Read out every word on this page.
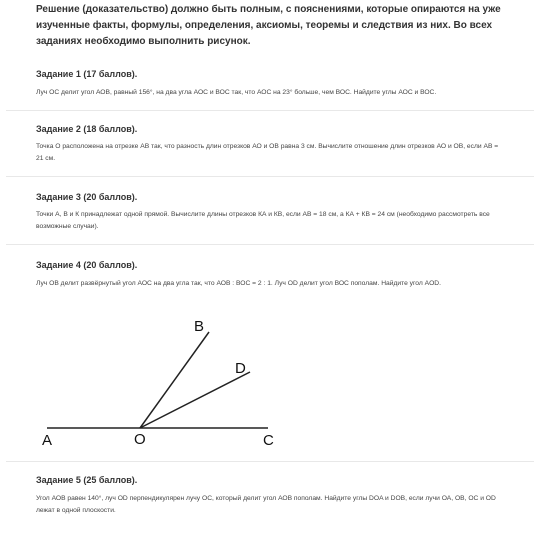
Решение (доказательство) должно быть полным, с пояснениями, которые опираются на уже изученные факты, формулы, определения, аксиомы, теоремы и следствия из них. Во всех заданиях необходимо выполнить рисунок.

Задание 1 (17 баллов).

Луч ОС делит угол АОВ, равный 156°, на два угла АОС и ВОС так, что АОС на 23° больше, чем ВОС. Найдите углы АОС и ВОС.

Задание 2 (18 баллов).

Точка О расположена на отрезке АВ так, что разность длин отрезков АО и ОВ равна 3 см. Вычислите отношение длин отрезков АО и ОВ, если АВ = 21 см.

Задание 3 (20 баллов).

Точки А, В и К принадлежат одной прямой. Вычислите длины отрезков КА и КВ, если АВ = 18 см, а КА + КВ = 24 см (необходимо рассмотреть все возможные случаи).

Задание 4 (20 баллов).

Луч ОВ делит развёрнутый угол АОС на два угла так, что АОВ : ВОС = 2 : 1. Луч OD делит угол ВОС пополам. Найдите угол AOD.

A	O	C
B
D

Задание 5 (25 баллов).

Угол АОВ равен 140°, луч OD перпендикулярен лучу ОС, который делит угол АОВ пополам. Найдите углы DOA и DOB, если лучи ОА, ОВ, ОС и OD лежат в одной плоскости.
